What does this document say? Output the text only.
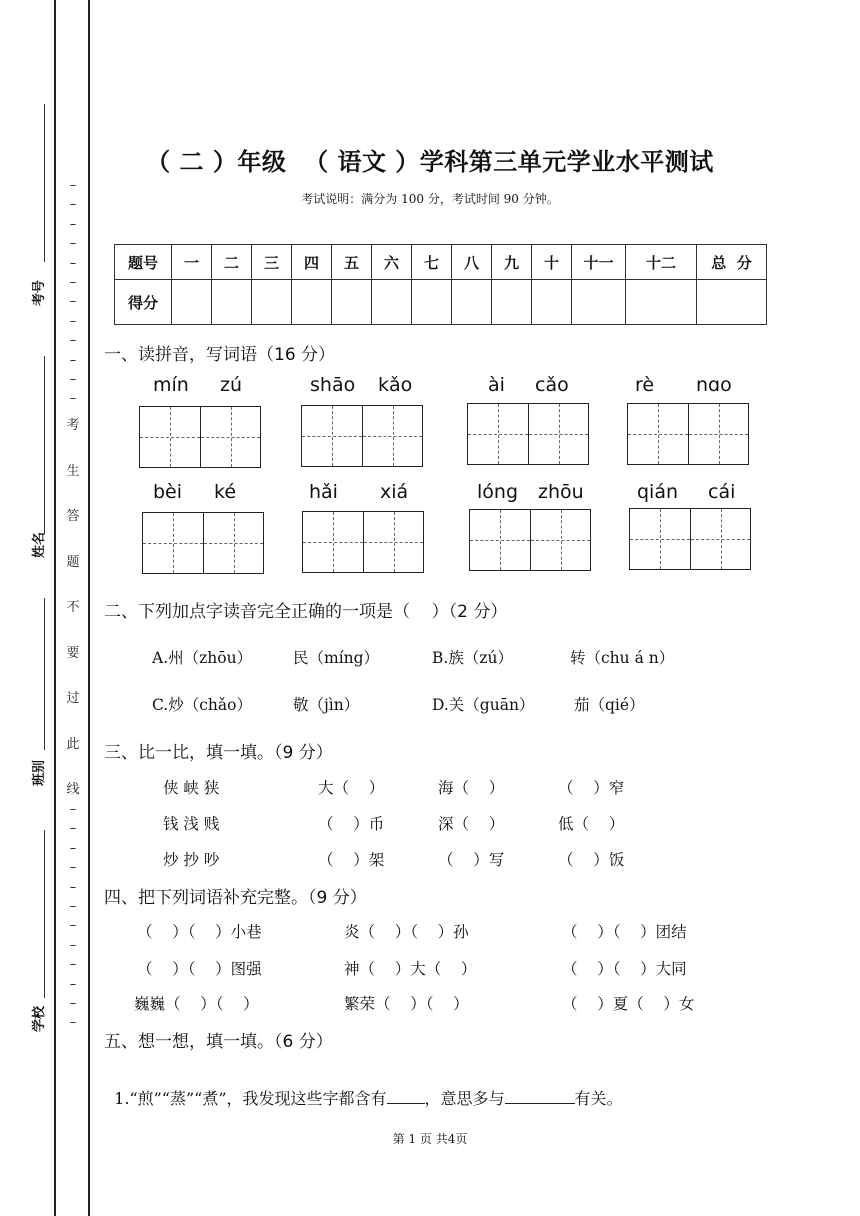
考号
姓名
班别
学校
–
–
–
–
–
–
–
–
–
–
–
–
考
生
答
题
不
要
过
此
线
–
–
–
–
–
–
–
–
–
–
–
–
（ 二 ）年级  （ 语文 ）学科第三单元学业水平测试
考试说明：满分为 100 分，考试时间 90 分钟。
题号	一	二	三	四	五	六	七	八	九	十	十一	十二	总  分
得分													
一、读拼音，写词语（16 分）
mín zú	shāo kǎo	ài cǎo	rè nɑo
bèi ké	hǎi xiá	lóng zhōu	qián cái
二、下列加点字读音完全正确的一项是（    ）（2 分）
A.州（zhōu）	民（míng）	B.族（zú）	转（chu á n）
C.炒（chǎo）	敬（jìn）	D.关（guān）	茄（qié）
三、比一比，填一填。（9 分）
侠 峡 狭	大（    ）	海（    ）	（    ）窄
钱 浅 贱	（    ）币	深（    ）	低（    ）
炒 抄 吵	（    ）架	（    ）写	（    ）饭
四、把下列词语补充完整。（9 分）
（    ）（    ）小巷	炎（    ）（    ）孙	（    ）（    ）团结
（    ）（    ）图强	神（    ）大（    ）	（    ）（    ）大同
巍巍（    ）（    ）	繁荣（    ）（    ）	（    ）夏（    ）女
五、想一想，填一填。（6 分）

1.“煎”“蒸”“煮”，我发现这些字都含有 ，意思多与	有关。

第 1 页 共4页
